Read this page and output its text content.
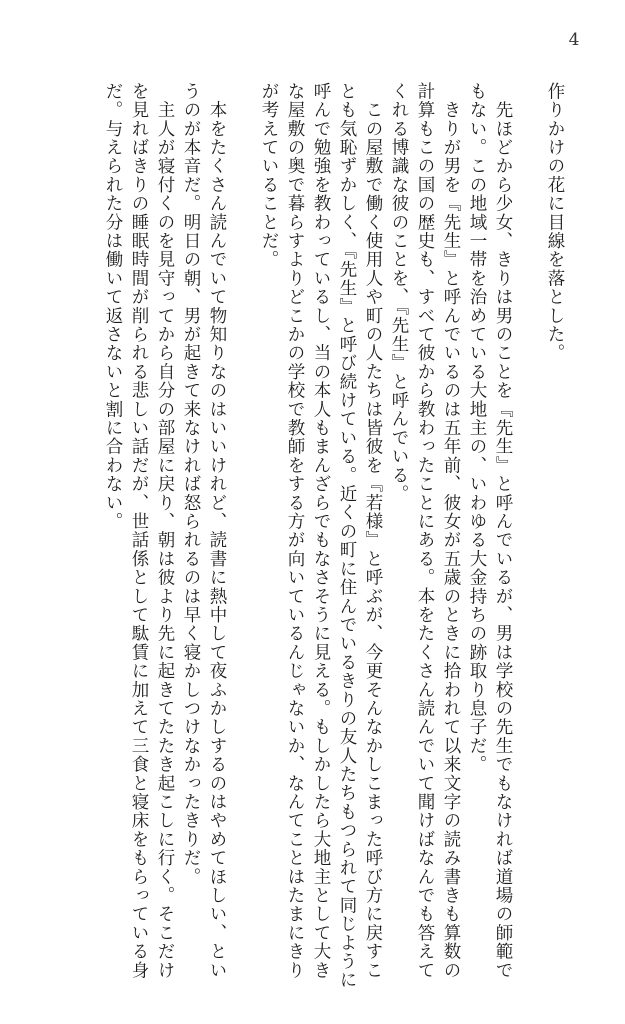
4

作りかけの花に目線を落とした。

　先ほどから少女、きりは男のことを『先生』と呼んでいるが、男は学校の先生でもなければ道場の師範でもない。この地域一帯を治めている大地主の、いわゆる大金持ちの跡取り息子だ。

　きりが男を『先生』と呼んでいるのは五年前、彼女が五歳のときに拾われて以来文字の読み書きも算数の計算もこの国の歴史も、すべて彼から教わったことにある。本をたくさん読んでいて聞けばなんでも答えてくれる博識な彼のことを、『先生』と呼んでいる。

　この屋敷で働く使用人や町の人たちは皆彼を『若様』と呼ぶが、今更そんなかしこまった呼び方に戻すことも気恥ずかしく、『先生』と呼び続けている。近くの町に住んでいるきりの友人たちもつられて同じように呼んで勉強を教わっているし、当の本人もまんざらでもなさそうに見える。もしかしたら大地主として大きな屋敷の奥で暮らすよりどこかの学校で教師をする方が向いているんじゃないか、なんてことはたまにきりが考えていることだ。

　本をたくさん読んでいて物知りなのはいいけれど、読書に熱中して夜ふかしするのはやめてほしい、というのが本音だ。明日の朝、男が起きて来なければ怒られるのは早く寝かしつけなかったきりだ。

　主人が寝付くのを見守ってから自分の部屋に戻り、朝は彼より先に起きてたたき起こしに行く。そこだけを見ればきりの睡眠時間が削られる悲しい話だが、世話係として駄賃に加えて三食と寝床をもらっている身だ。与えられた分は働いて返さないと割に合わない。
